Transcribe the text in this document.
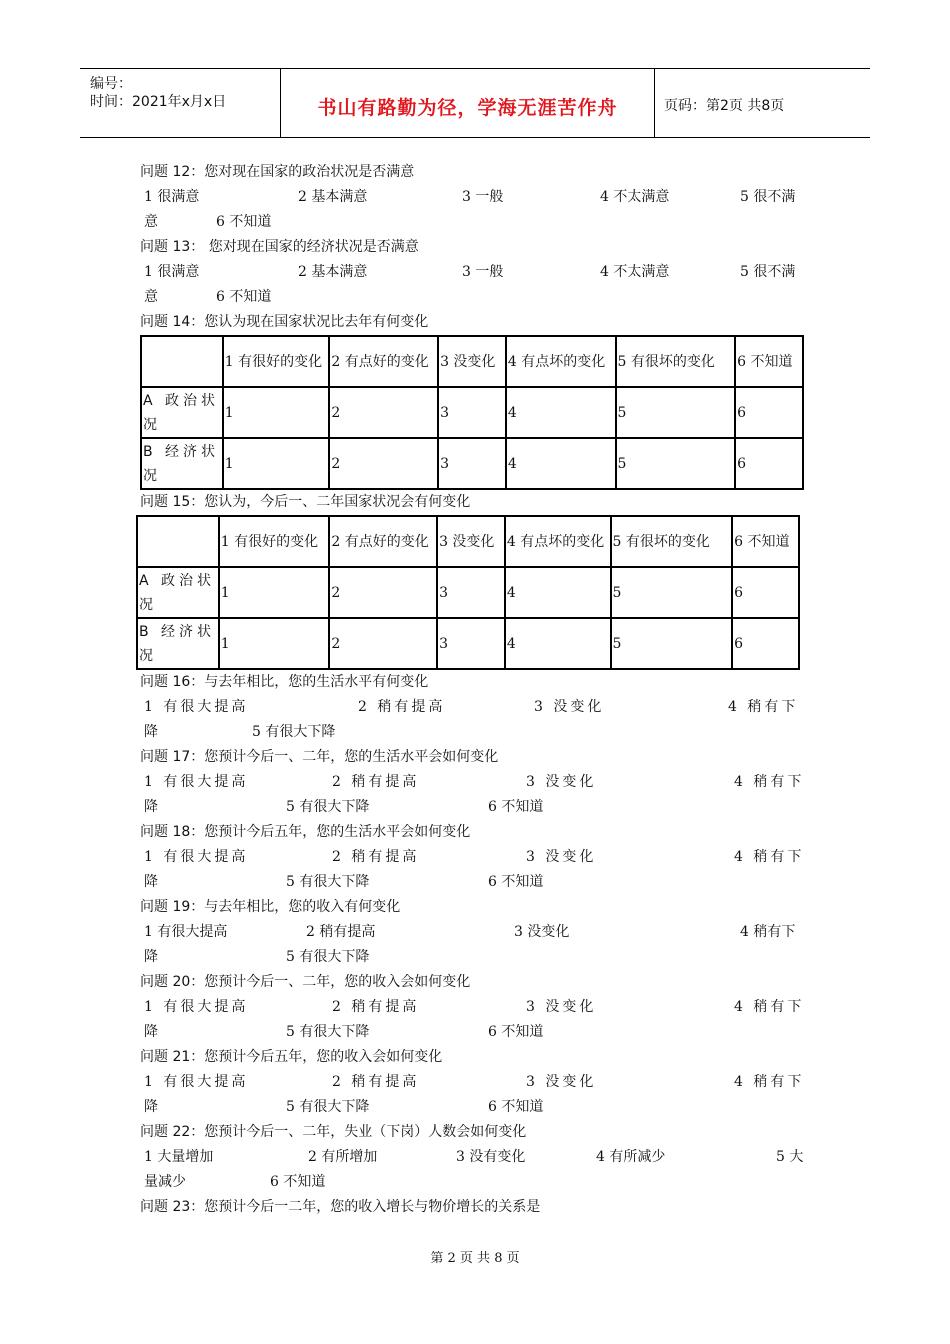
编号：
时间：2021年x月x日	书山有路勤为径，学海无涯苦作舟	页码：第2页 共8页
问题 12：您对现在国家的政治状况是否满意
1 很满意	2 基本满意	3 一般	4 不太满意	5 很不满
意	6 不知道
问题 13： 您对现在国家的经济状况是否满意
1 很满意	2 基本满意	3 一般	4 不太满意	5 很不满
意	6 不知道
问题 14：您认为现在国家状况比去年有何变化
	1 有很好的变化	2 有点好的变化	3 没变化	4 有点坏的变化	5 有很坏的变化	6 不知道
A 政治状况	1	2	3	4	5	6
B 经济状况	1	2	3	4	5	6
问题 15：您认为，今后一、二年国家状况会有何变化
	1 有很好的变化	2 有点好的变化	3 没变化	4 有点坏的变化	5 有很坏的变化	6 不知道
A 政治状况	1	2	3	4	5	6
B 经济状况	1	2	3	4	5	6
问题 16：与去年相比，您的生活水平有何变化
1 有很大提高	2 稍有提高	3 没变化	4 稍有下
降	5 有很大下降
问题 17：您预计今后一、二年，您的生活水平会如何变化
1 有很大提高	2 稍有提高	3 没变化	4 稍有下
降	5 有很大下降	6 不知道
问题 18：您预计今后五年，您的生活水平会如何变化
1 有很大提高	2 稍有提高	3 没变化	4 稍有下
降	5 有很大下降	6 不知道
问题 19：与去年相比，您的收入有何变化
1 有很大提高	2 稍有提高	3 没变化	4 稍有下
降	5 有很大下降
问题 20：您预计今后一、二年，您的收入会如何变化
1 有很大提高	2 稍有提高	3 没变化	4 稍有下
降	5 有很大下降	6 不知道
问题 21：您预计今后五年，您的收入会如何变化
1 有很大提高	2 稍有提高	3 没变化	4 稍有下
降	5 有很大下降	6 不知道
问题 22：您预计今后一、二年，失业（下岗）人数会如何变化
1 大量增加	2 有所增加	3 没有变化	4 有所减少	5 大
量减少	6 不知道
问题 23：您预计今后一二年，您的收入增长与物价增长的关系是
第 2 页 共 8 页
